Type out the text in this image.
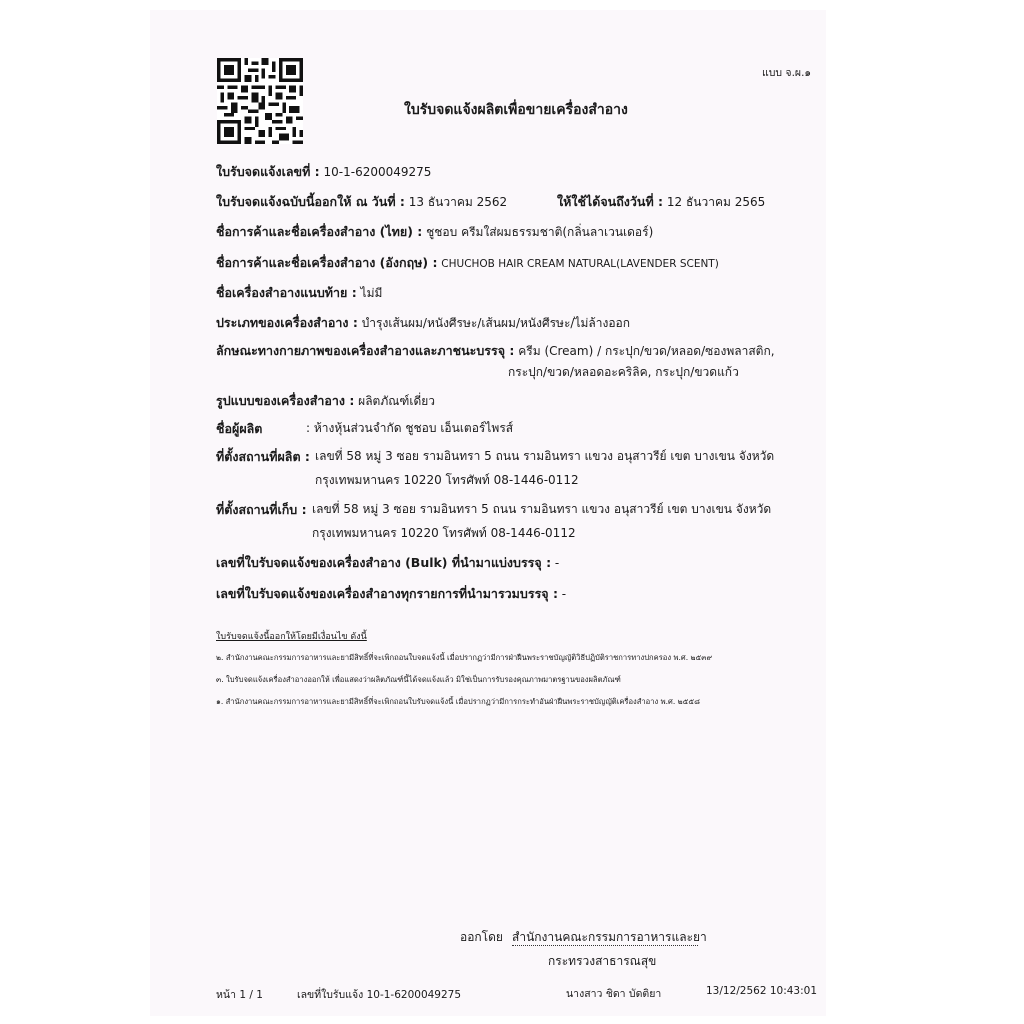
แบบ จ.ผ.๑
ใบรับจดแจ้งผลิตเพื่อขายเครื่องสำอาง
ใบรับจดแจ้งเลขที่ : 10-1-6200049275
ใบรับจดแจ้งฉบับนี้ออกให้ ณ วันที่ : 13 ธันวาคม 2562	ให้ใช้ได้จนถึงวันที่ : 12 ธันวาคม 2565
ชื่อการค้าและชื่อเครื่องสำอาง (ไทย) : ชูชอบ ครีมใส่ผมธรรมชาติ(กลิ่นลาเวนเดอร์)
ชื่อการค้าและชื่อเครื่องสำอาง (อังกฤษ) : CHUCHOB HAIR CREAM NATURAL(LAVENDER SCENT)
ชื่อเครื่องสำอางแนบท้าย : ไม่มี
ประเภทของเครื่องสำอาง : บำรุงเส้นผม/หนังศีรษะ/เส้นผม/หนังศีรษะ/ไม่ล้างออก
ลักษณะทางกายภาพของเครื่องสำอางและภาชนะบรรจุ : ครีม (Cream) / กระปุก/ขวด/หลอด/ซองพลาสติก,
กระปุก/ขวด/หลอดอะคริลิค, กระปุก/ขวดแก้ว
รูปแบบของเครื่องสำอาง : ผลิตภัณฑ์เดี่ยว
ชื่อผู้ผลิต	: ห้างหุ้นส่วนจำกัด ชูชอบ เอ็นเตอร์ไพรส์
ที่ตั้งสถานที่ผลิต : เลขที่ 58 หมู่ 3 ซอย รามอินทรา 5 ถนน รามอินทรา แขวง อนุสาวรีย์ เขต บางเขน จังหวัด
กรุงเทพมหานคร 10220 โทรศัพท์ 08-1446-0112
ที่ตั้งสถานที่เก็บ : เลขที่ 58 หมู่ 3 ซอย รามอินทรา 5 ถนน รามอินทรา แขวง อนุสาวรีย์ เขต บางเขน จังหวัด
กรุงเทพมหานคร 10220 โทรศัพท์ 08-1446-0112
เลขที่ใบรับจดแจ้งของเครื่องสำอาง (Bulk) ที่นำมาแบ่งบรรจุ : -
เลขที่ใบรับจดแจ้งของเครื่องสำอางทุกรายการที่นำมารวมบรรจุ : -
ใบรับจดแจ้งนี้ออกให้โดยมีเงื่อนไข ดังนี้
๒. สำนักงานคณะกรรมการอาหารและยามีสิทธิ์ที่จะเพิกถอนใบจดแจ้งนี้ เมื่อปรากฏว่ามีการฝ่าฝืนพระราชบัญญัติวิธีปฏิบัติราชการทางปกครอง พ.ศ. ๒๕๓๙
๓. ใบรับจดแจ้งเครื่องสำอางออกให้ เพื่อแสดงว่าผลิตภัณฑ์นี้ได้จดแจ้งแล้ว มิใช่เป็นการรับรองคุณภาพมาตรฐานของผลิตภัณฑ์
๑. สำนักงานคณะกรรมการอาหารและยามีสิทธิ์ที่จะเพิกถอนใบรับจดแจ้งนี้ เมื่อปรากฏว่ามีการกระทำอันฝ่าฝืนพระราชบัญญัติเครื่องสำอาง พ.ศ. ๒๕๕๘
ออกโดย สำนักงานคณะกรรมการอาหารและยา
กระทรวงสาธารณสุข
หน้า 1 / 1	เลขที่ใบรับแจ้ง 10-1-6200049275	นางสาว ชิดา บัดติยา	13/12/2562 10:43:01
